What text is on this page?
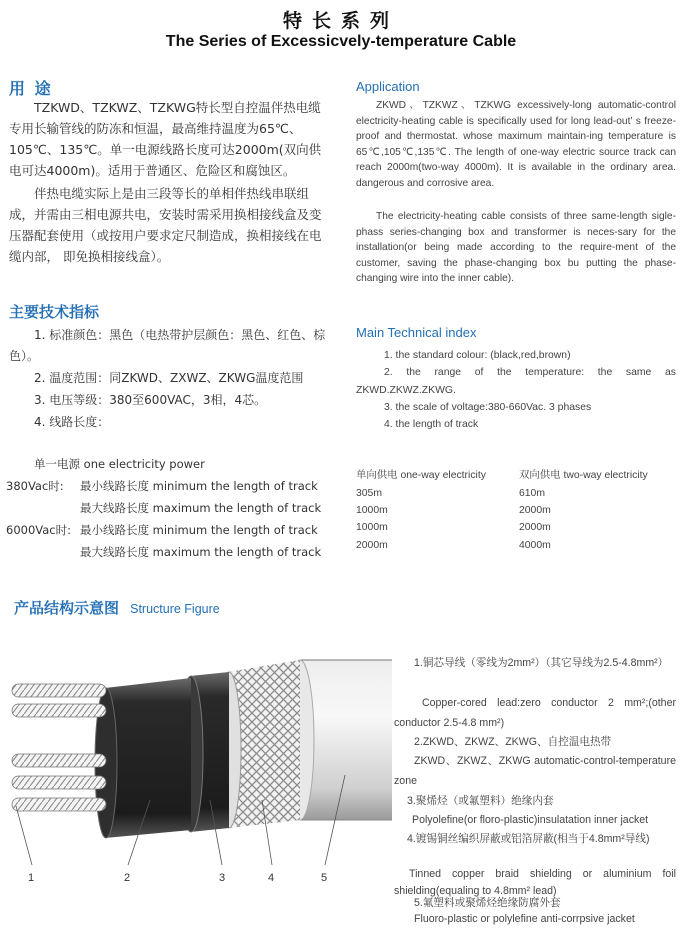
特长系列
The Series of Excessicvely-temperature Cable
用 途	Application
TZKWD、TZKWZ、TZKWG特长型自控温伴热电缆专用长输管线的防冻和恒温，最高维持温度为65℃、105℃、135℃。单一电源线路长度可达2000m(双向供电可达4000m)。适用于普通区、危险区和腐蚀区。
伴热电缆实际上是由三段等长的单相伴热线串联组成，并需由三相电源共电，安装时需采用换相接线盒及变压器配套使用（或按用户要求定尺制造成，换相接线在电缆内部， 即免换相接线盒）。
ZKWD、TZKWZ、TZKWG excessively-long automatic-control electricity-heating cable is specifically used for long lead-out’ s freeze-proof and thermostat. whose maximum maintain-ing temperature is 65℃,105℃,135℃. The length of one-way electric source track can reach 2000m(two-way 4000m). It is available in the ordinary area. dangerous and corrosive area.
The electricity-heating cable consists of three same-length sigle-phass series-changing box and transformer is neces-sary for the installation(or being made according to the require-ment of the customer, saving the phase-changing box bu putting the phase-changing wire into the inner cable).
主要技术指标
Main Technical index
1. 标准颜色：黑色（电热带护层颜色：黑色、红色、棕色）。
2. 温度范围：同ZKWD、ZXWZ、ZKWG温度范围
3. 电压等级：380至600VAC，3相，4芯。
4. 线路长度：
1. the standard colour: (black,red,brown)
2. the range of the temperature: the same as ZKWD.ZKWZ.ZKWG.
3. the scale of voltage:380-660Vac. 3 phases
4. the length of track
单一电源 one electricity power
380Vac时: 最小线路长度 minimum the length of track
最大线路长度 maximum the length of track
6000Vac时: 最小线路长度 minimum the length of track
最大线路长度 maximum the length of track
单向供电 one-way electricity	双向供电 two-way electricity
305m	610m
1000m	2000m
1000m	2000m
2000m	4000m
产品结构示意图 Structure Figure
1	2	3	4	5
1.铜芯导线（零线为2mm²）（其它导线为2.5-4.8mm²）
Copper-cored lead:zero conductor 2 mm²;(other conductor 2.5-4.8 mm²)
2.ZKWD、ZKWZ、ZKWG、自控温电热带
ZKWD、ZKWZ、ZKWG automatic-control-temperature zone
3.聚烯烃（或氟塑料）绝缘内套
Polyolefine(or floro-plastic)insulatation inner jacket
4.镀锡铜丝编织屏蔽或铝箔屏蔽(相当于4.8mm²导线)
Tinned copper braid shielding or aluminium foil shielding(equaling to 4.8mm² lead)
5.氟塑料或聚烯烃绝缘防腐外套
Fluoro-plastic or polylefine anti-corrpsive jacket
